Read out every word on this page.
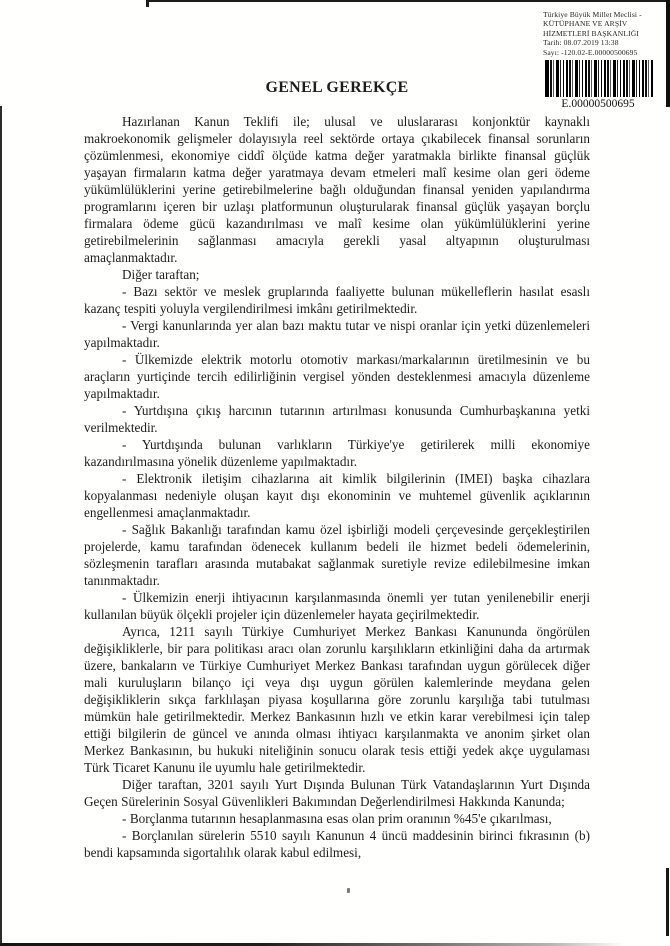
Türkiye Büyük Millet Meclisi -
KÜTÜPHANE VE ARŞİV
HİZMETLERİ BAŞKANLIĞI
Tarih: 08.07.2019 13:38
Sayı: -120.02-E.00000500695
E.00000500695
GENEL GEREKÇE

Hazırlanan Kanun Teklifi ile; ulusal ve uluslararası konjonktür kaynaklı makroekonomik gelişmeler dolayısıyla reel sektörde ortaya çıkabilecek finansal sorunların çözümlenmesi, ekonomiye ciddî ölçüde katma değer yaratmakla birlikte finansal güçlük yaşayan firmaların katma değer yaratmaya devam etmeleri malî kesime olan geri ödeme yükümlülüklerini yerine getirebilmelerine bağlı olduğundan finansal yeniden yapılandırma programlarını içeren bir uzlaşı platformunun oluşturularak finansal güçlük yaşayan borçlu firmalara ödeme gücü kazandırılması ve malî kesime olan yükümlülüklerini yerine getirebilmelerinin sağlanması amacıyla gerekli yasal altyapının oluşturulması amaçlanmaktadır.

Diğer taraftan;

- Bazı sektör ve meslek gruplarında faaliyette bulunan mükelleflerin hasılat esaslı kazanç tespiti yoluyla vergilendirilmesi imkânı getirilmektedir.

- Vergi kanunlarında yer alan bazı maktu tutar ve nispi oranlar için yetki düzenlemeleri yapılmaktadır.

- Ülkemizde elektrik motorlu otomotiv markası/markalarının üretilmesinin ve bu araçların yurtiçinde tercih edilirliğinin vergisel yönden desteklenmesi amacıyla düzenleme yapılmaktadır.

- Yurtdışına çıkış harcının tutarının artırılması konusunda Cumhurbaşkanına yetki verilmektedir.

- Yurtdışında bulunan varlıkların Türkiye'ye getirilerek milli ekonomiye kazandırılmasına yönelik düzenleme yapılmaktadır.

- Elektronik iletişim cihazlarına ait kimlik bilgilerinin (IMEI) başka cihazlara kopyalanması nedeniyle oluşan kayıt dışı ekonominin ve muhtemel güvenlik açıklarının engellenmesi amaçlanmaktadır.

- Sağlık Bakanlığı tarafından kamu özel işbirliği modeli çerçevesinde gerçekleştirilen projelerde, kamu tarafından ödenecek kullanım bedeli ile hizmet bedeli ödemelerinin, sözleşmenin tarafları arasında mutabakat sağlanmak suretiyle revize edilebilmesine imkan tanınmaktadır.

- Ülkemizin enerji ihtiyacının karşılanmasında önemli yer tutan yenilenebilir enerji kullanılan büyük ölçekli projeler için düzenlemeler hayata geçirilmektedir.

Ayrıca, 1211 sayılı Türkiye Cumhuriyet Merkez Bankası Kanununda öngörülen değişikliklerle, bir para politikası aracı olan zorunlu karşılıkların etkinliğini daha da artırmak üzere, bankaların ve Türkiye Cumhuriyet Merkez Bankası tarafından uygun görülecek diğer mali kuruluşların bilanço içi veya dışı uygun görülen kalemlerinde meydana gelen değişikliklerin sıkça farklılaşan piyasa koşullarına göre zorunlu karşılığa tabi tutulması mümkün hale getirilmektedir. Merkez Bankasının hızlı ve etkin karar verebilmesi için talep ettiği bilgilerin de güncel ve anında olması ihtiyacı karşılanmakta ve anonim şirket olan Merkez Bankasının, bu hukuki niteliğinin sonucu olarak tesis ettiği yedek akçe uygulaması Türk Ticaret Kanunu ile uyumlu hale getirilmektedir.

Diğer taraftan, 3201 sayılı Yurt Dışında Bulunan Türk Vatandaşlarının Yurt Dışında Geçen Sürelerinin Sosyal Güvenlikleri Bakımından Değerlendirilmesi Hakkında Kanunda;

- Borçlanma tutarının hesaplanmasına esas olan prim oranının %45'e çıkarılması,

- Borçlanılan sürelerin 5510 sayılı Kanunun 4 üncü maddesinin birinci fıkrasının (b) bendi kapsamında sigortalılık olarak kabul edilmesi,
